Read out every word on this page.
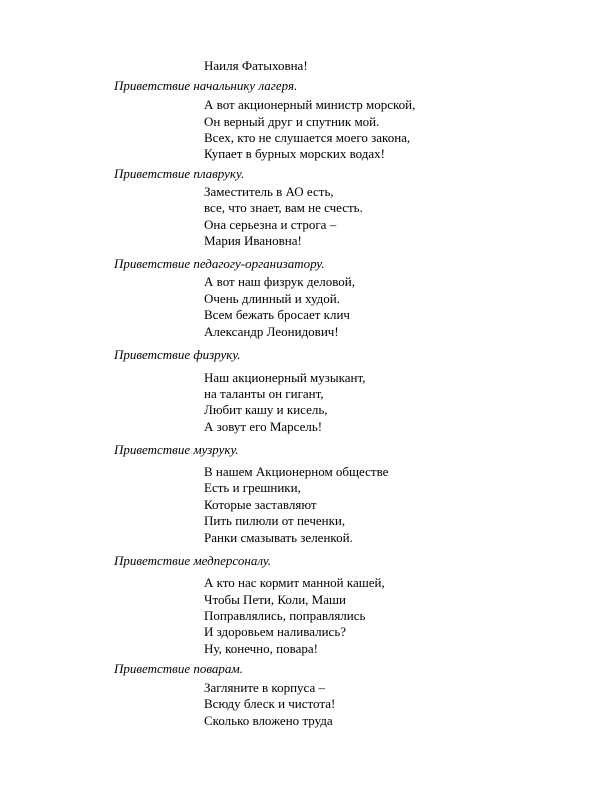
Наиля Фатыховна!
Приветствие начальнику лагеря.
А вот акционерный министр морской,
Он верный друг и спутник мой.
Всех, кто не слушается моего закона,
Купает в бурных морских водах!
Приветствие плавруку.
Заместитель в АО есть,
все, что знает, вам не счесть.
Она серьезна и строга –
Мария Ивановна!
Приветствие педагогу-организатору.
А вот наш физрук деловой,
Очень длинный и худой.
Всем бежать бросает клич
Александр Леонидович!
Приветствие физруку.
Наш акционерный музыкант,
на таланты он гигант,
Любит кашу и кисель,
А зовут его Марсель!
Приветствие музруку.
В нашем Акционерном обществе
Есть и грешники,
Которые заставляют
Пить пилюли от печенки,
Ранки смазывать зеленкой.
Приветствие медперсоналу.
А кто нас кормит манной кашей,
Чтобы Пети, Коли, Маши
Поправлялись, поправлялись
И здоровьем наливались?
Ну, конечно, повара!
Приветствие поварам.
Загляните в корпуса –
Всюду блеск и чистота!
Сколько вложено труда
